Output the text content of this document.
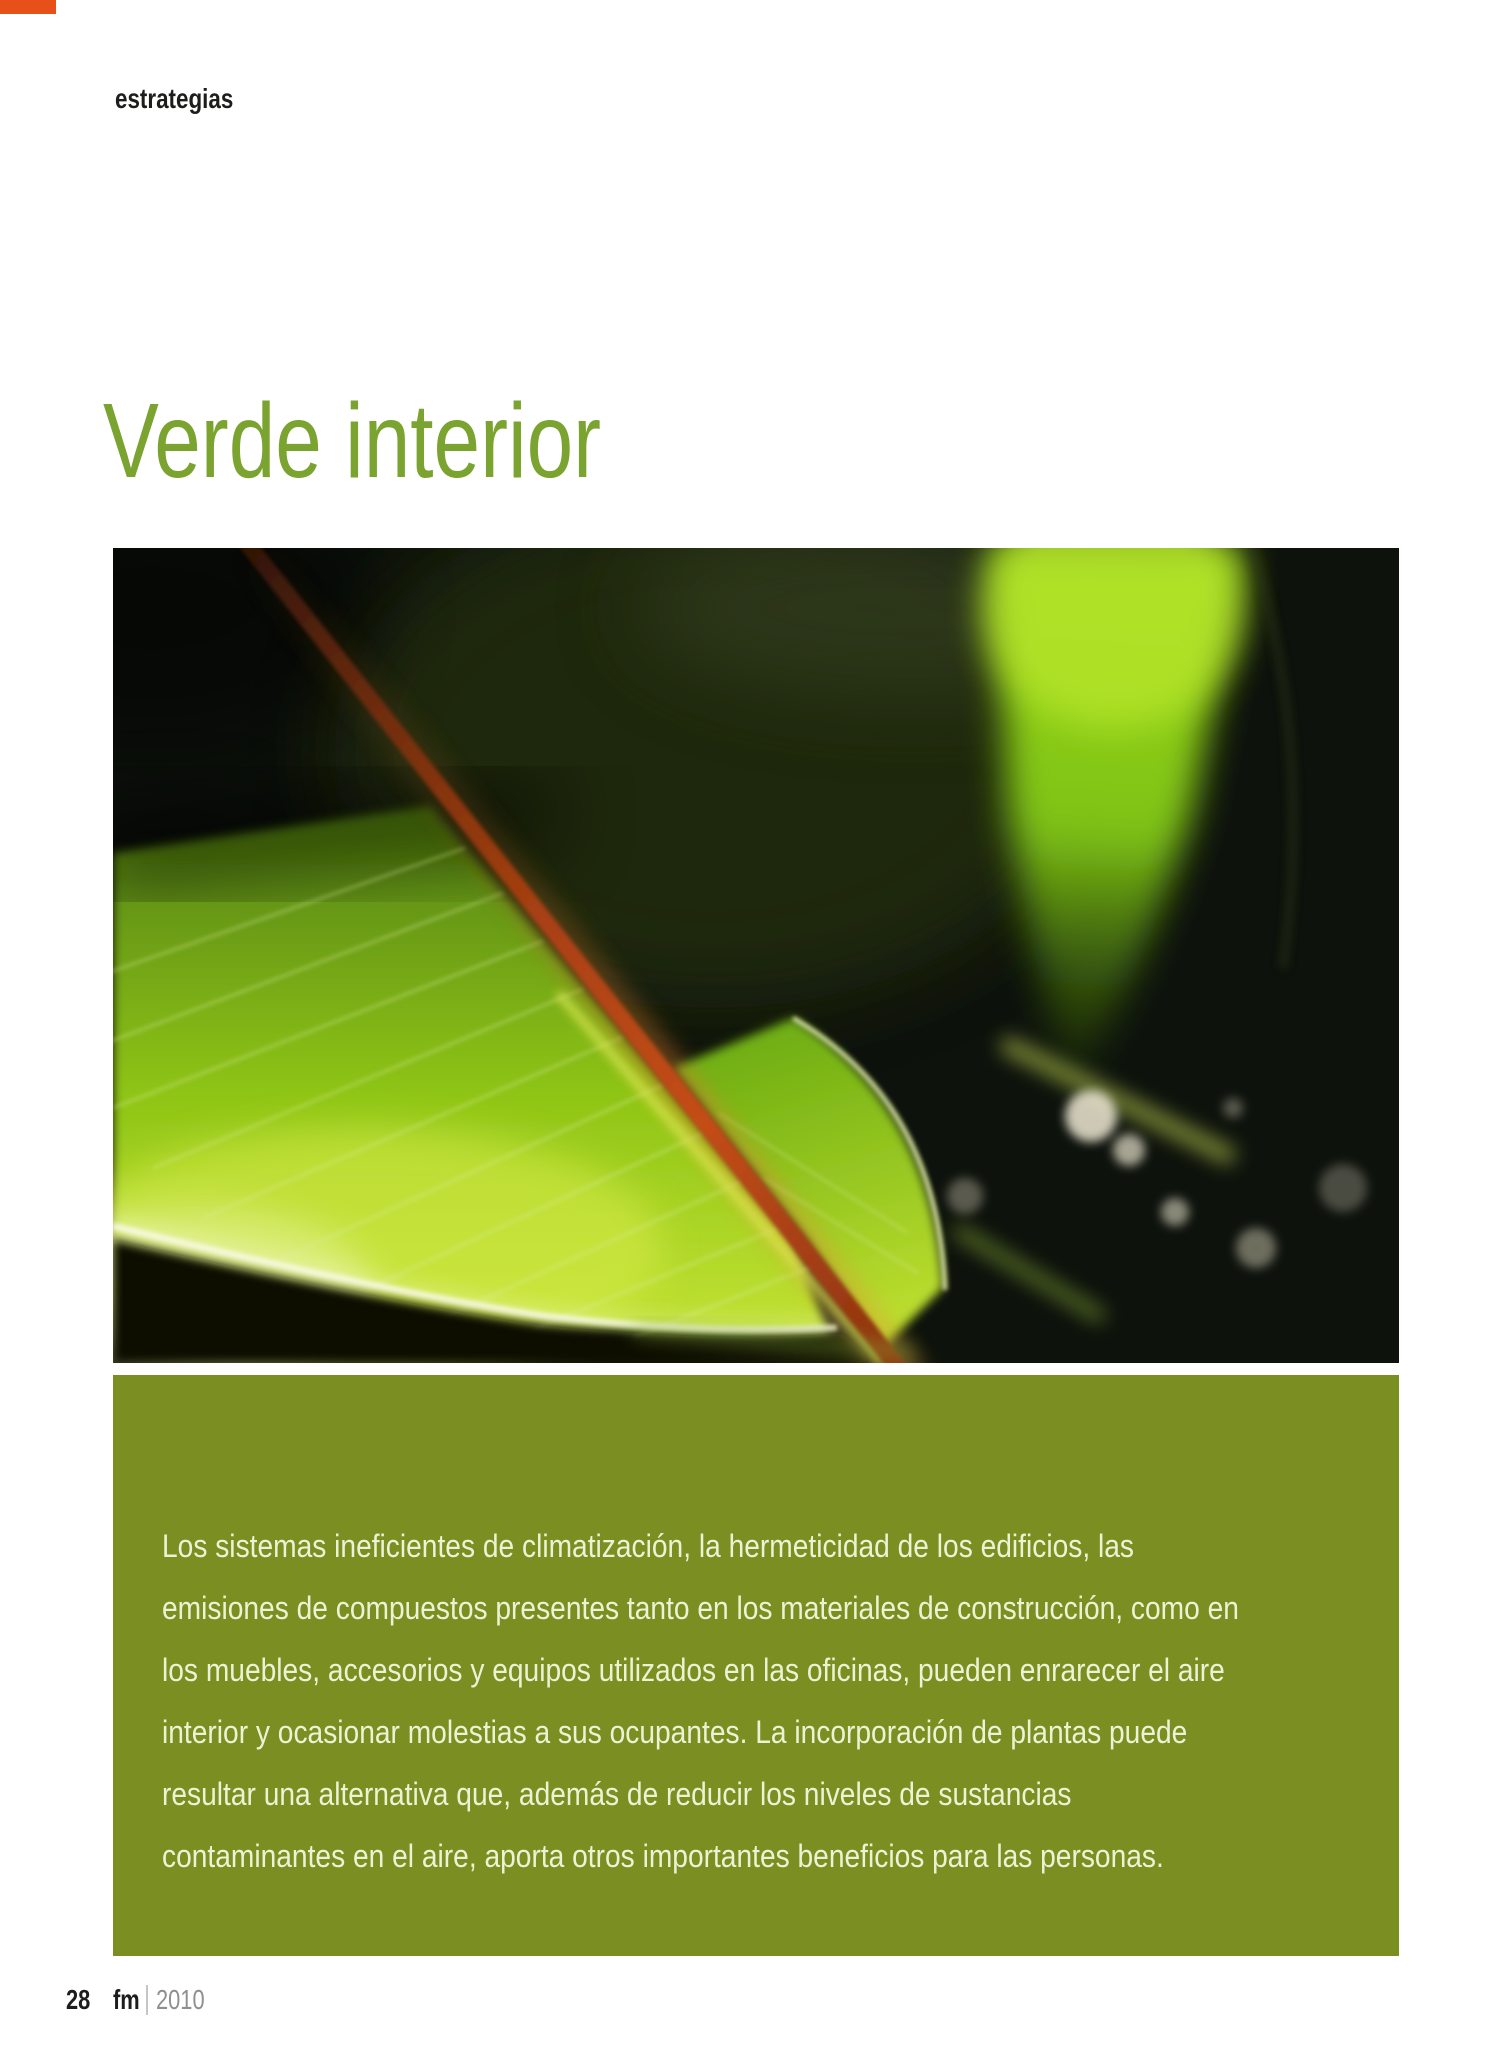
estrategias
Verde interior
Los sistemas ineficientes de climatización, la hermeticidad de los edificios, las
emisiones de compuestos presentes tanto en los materiales de construcción, como en
los muebles, accesorios y equipos utilizados en las oficinas, pueden enrarecer el aire
interior y ocasionar molestias a sus ocupantes. La incorporación de plantas puede
resultar una alternativa que, además de reducir los niveles de sustancias
contaminantes en el aire, aporta otros importantes beneficios para las personas.
28 fm 2010
